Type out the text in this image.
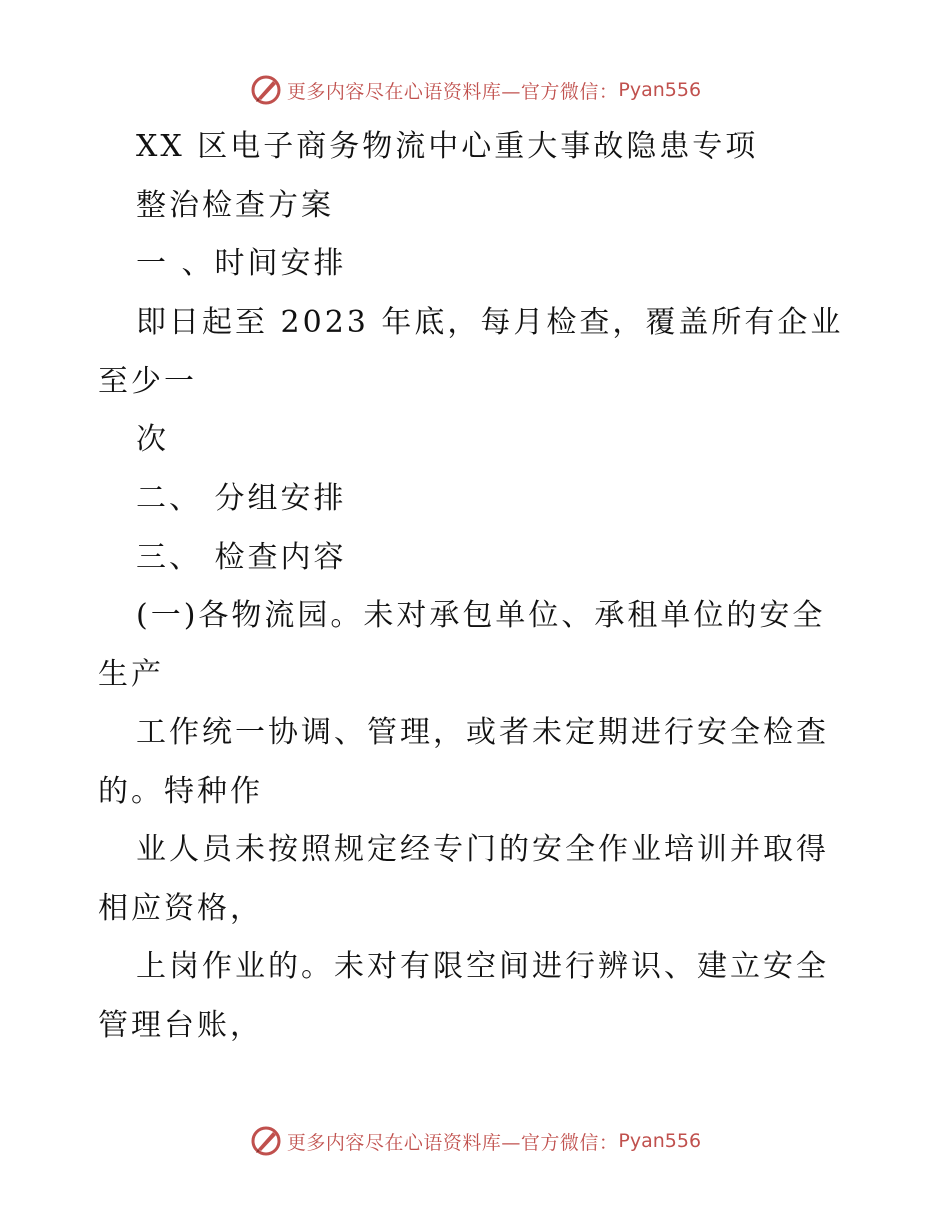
更多内容尽在心语资料库—官方微信： Pyan556
XX 区电子商务物流中心重大事故隐患专项
整治检查方案
一 、时间安排
即日起至 2023 年底，每月检查，覆盖所有企业
至少一
次
二、 分组安排
三、 检查内容
(一)各物流园。未对承包单位、承租单位的安全
生产
工作统一协调、管理，或者未定期进行安全检查
的。特种作
业人员未按照规定经专门的安全作业培训并取得
相应资格，
上岗作业的。未对有限空间进行辨识、建立安全
管理台账，
更多内容尽在心语资料库—官方微信： Pyan556
